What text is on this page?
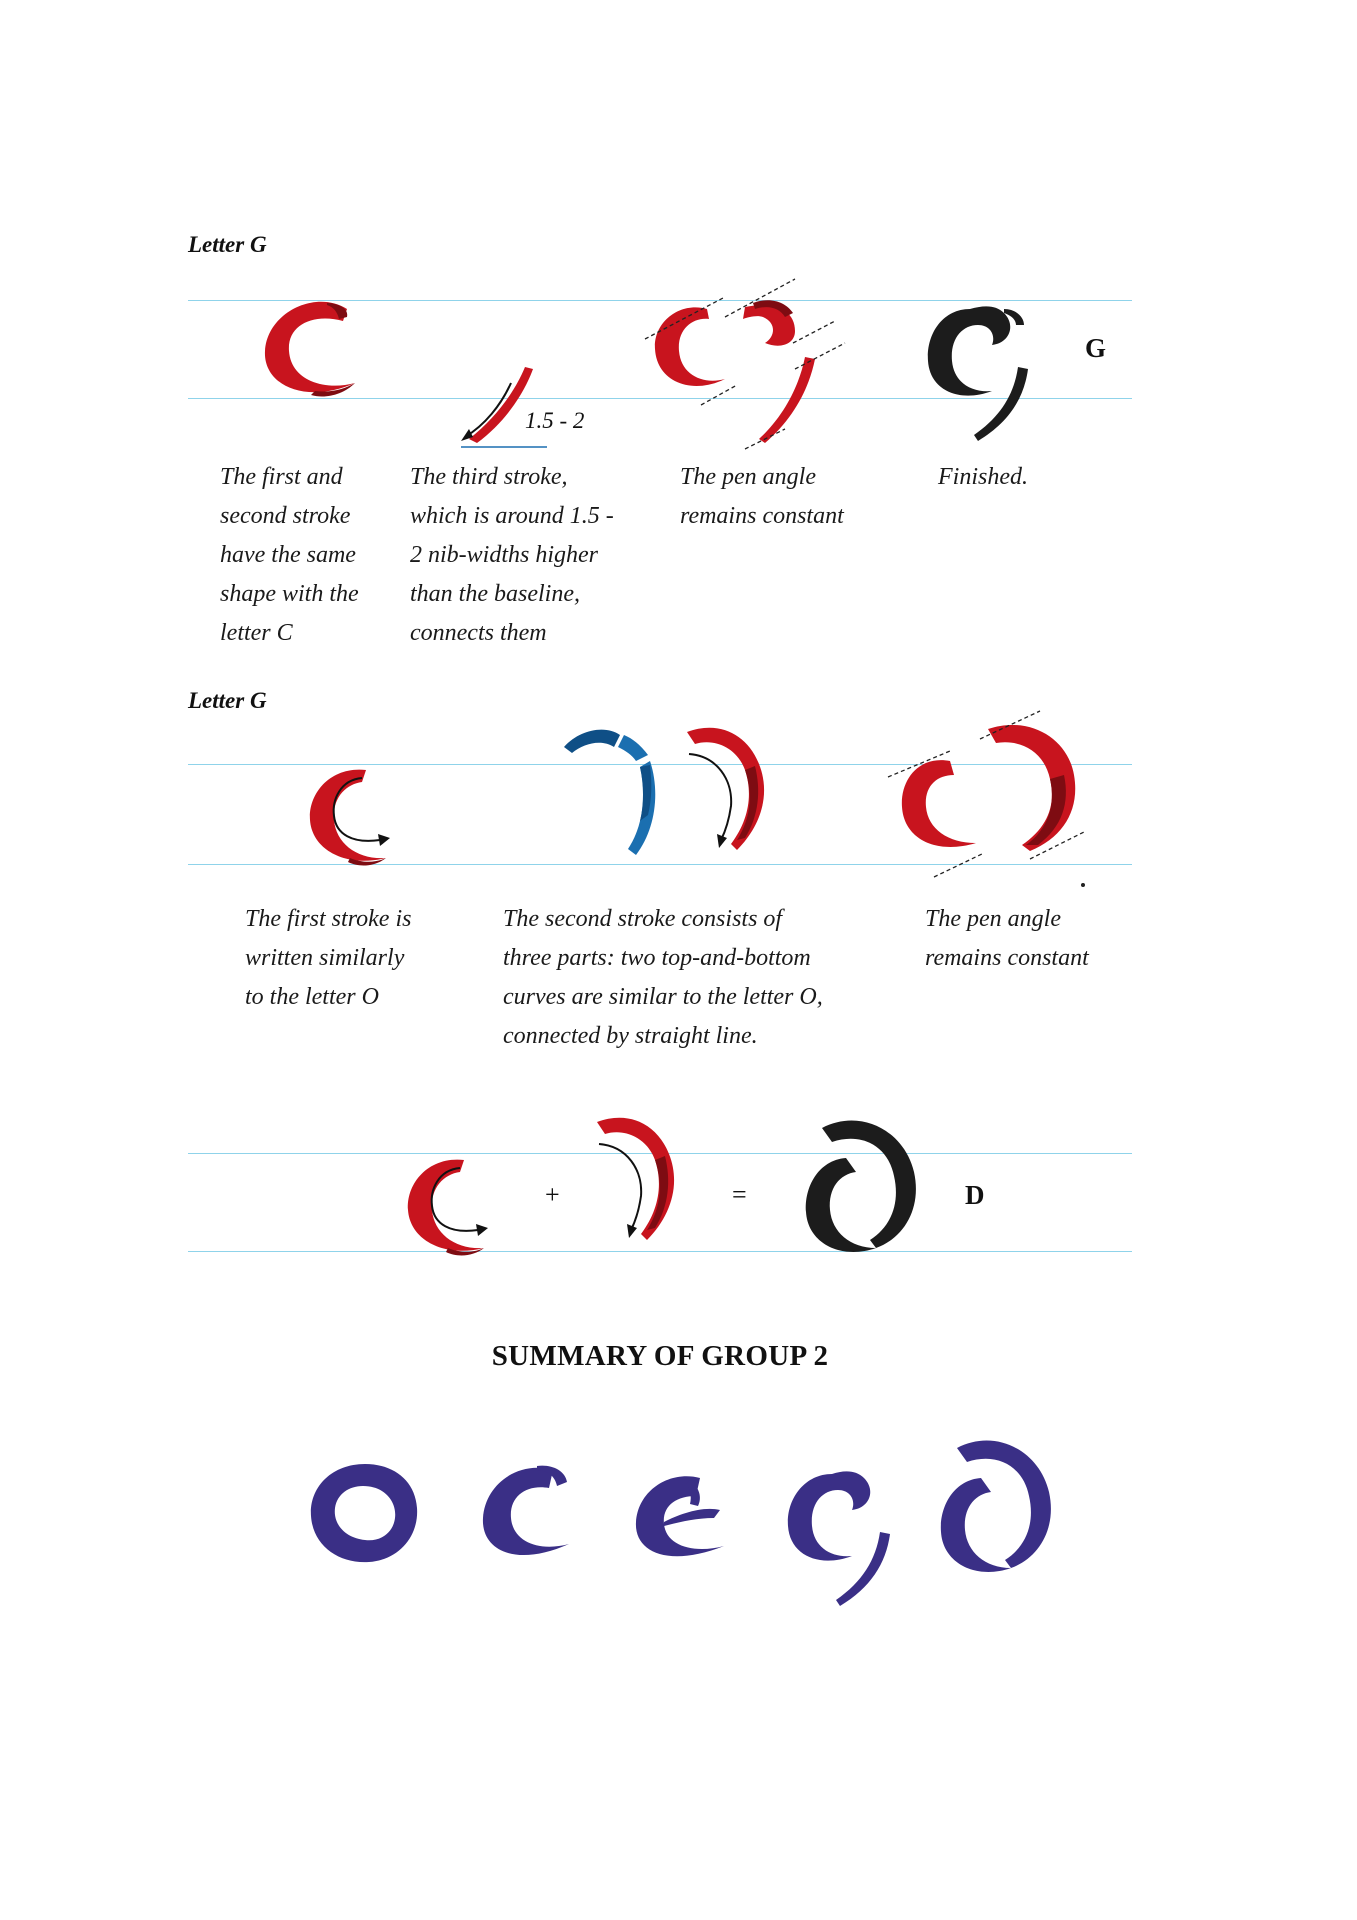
Letter G
1.5 - 2
G
The first and
second stroke
have the same
shape with the
letter C
The third stroke,
which is around 1.5 -
2 nib-widths higher
than the baseline,
connects them
The pen angle
remains constant
Finished.
Letter G
The first stroke is
written similarly
to the letter O
The second stroke consists of
three parts: two top-and-bottom
curves are similar to the letter O,
connected by straight line.
The pen angle
remains constant
+	=	D
SUMMARY OF GROUP 2
